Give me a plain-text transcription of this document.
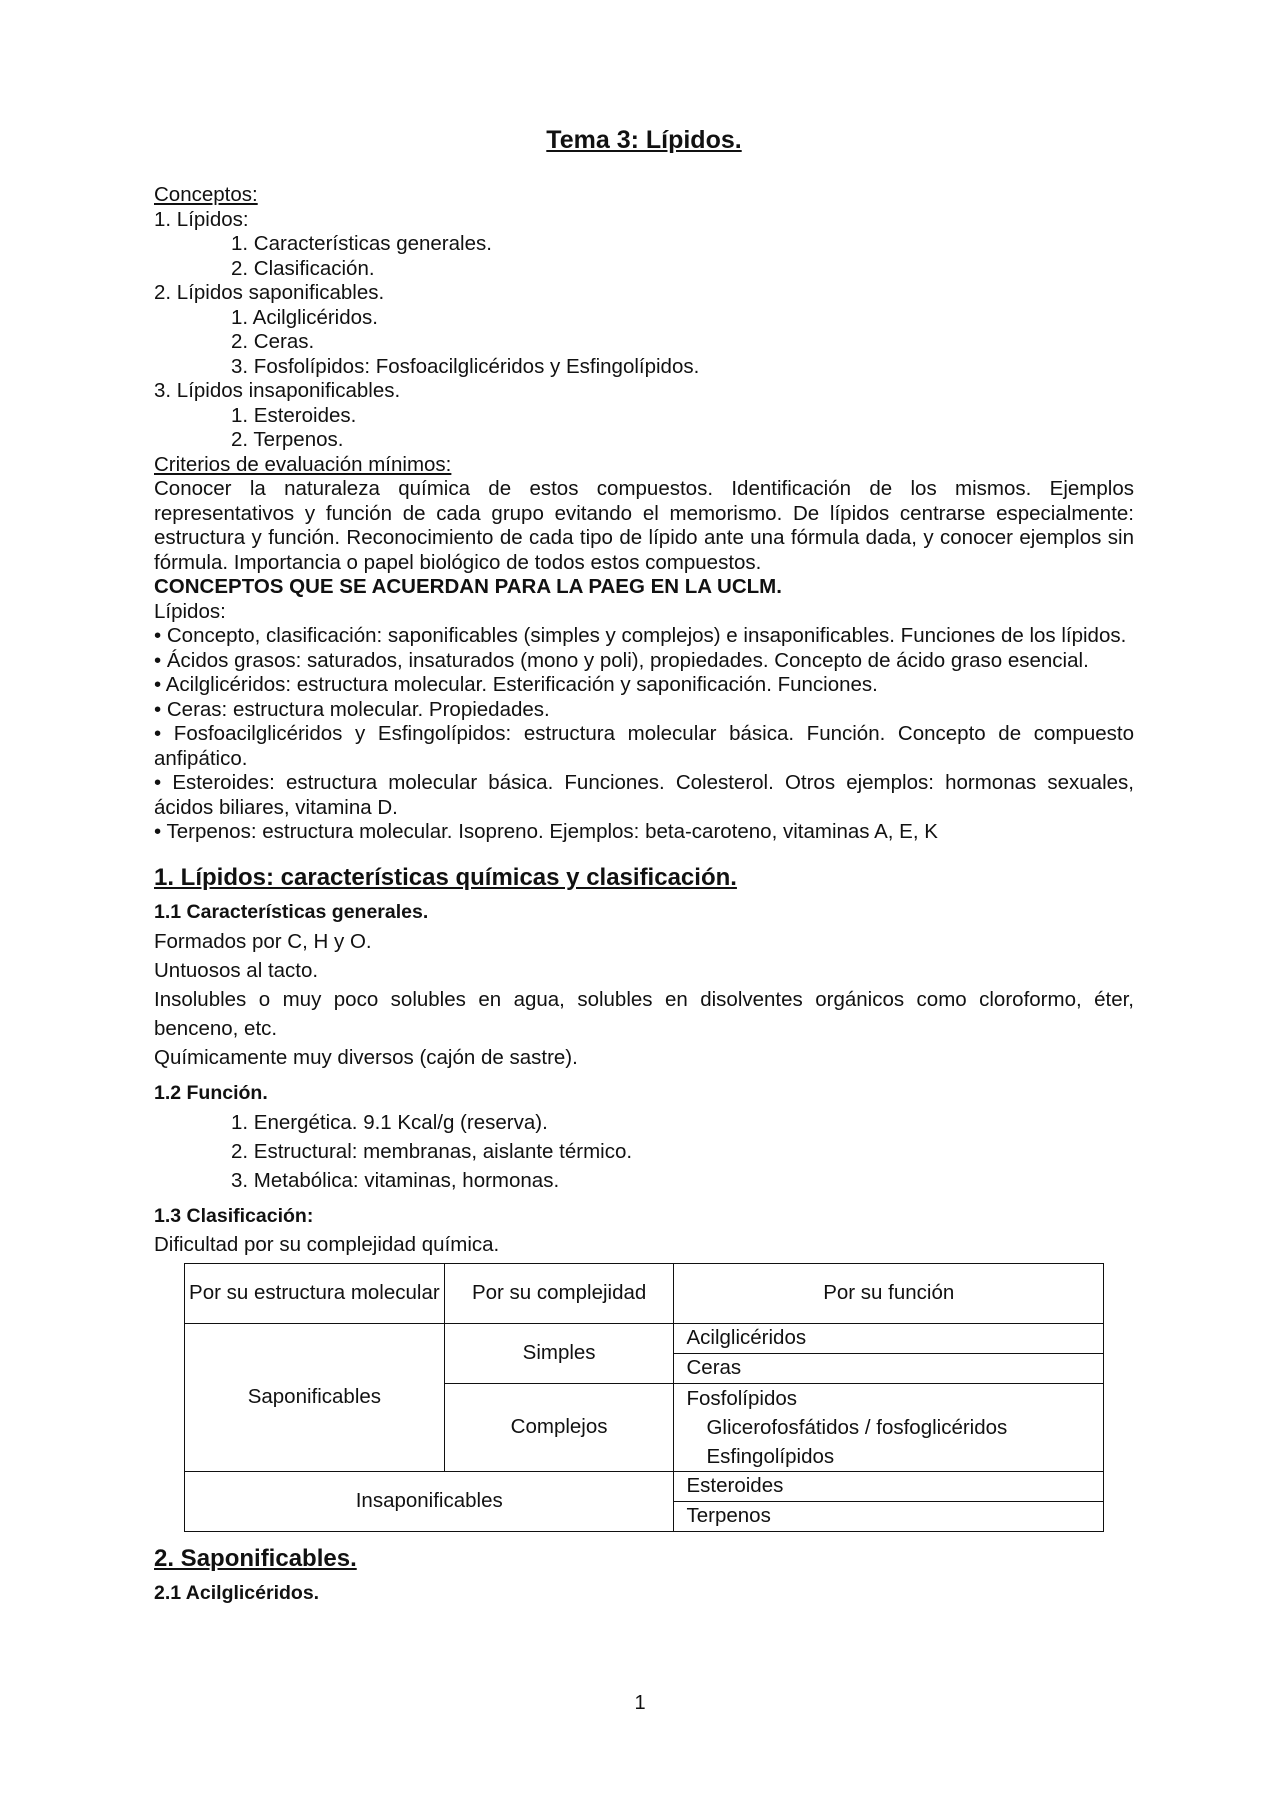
Tema 3: Lípidos.

Conceptos:

1. Lípidos:

1. Características generales.

2. Clasificación.

2. Lípidos saponificables.

1. Acilglicéridos.

2. Ceras.

3. Fosfolípidos: Fosfoacilglicéridos y Esfingolípidos.

3. Lípidos insaponificables.

1. Esteroides.

2. Terpenos.

Criterios de evaluación mínimos:

Conocer la naturaleza química de estos compuestos. Identificación de los mismos. Ejemplos representativos y función de cada grupo evitando el memorismo. De lípidos centrarse especialmente: estructura y función. Reconocimiento de cada tipo de lípido ante una fórmula dada, y conocer ejemplos sin fórmula. Importancia o papel biológico de todos estos compuestos.

CONCEPTOS QUE SE ACUERDAN PARA LA PAEG EN LA UCLM.

Lípidos:

• Concepto, clasificación: saponificables (simples y complejos) e insaponificables. Funciones de los lípidos.

• Ácidos grasos: saturados, insaturados (mono y poli), propiedades. Concepto de ácido graso esencial.

• Acilglicéridos: estructura molecular. Esterificación y saponificación. Funciones.

• Ceras: estructura molecular. Propiedades.

• Fosfoacilglicéridos y Esfingolípidos: estructura molecular básica. Función. Concepto de compuesto anfipático.

• Esteroides: estructura molecular básica. Funciones. Colesterol. Otros ejemplos: hormonas sexuales, ácidos biliares, vitamina D.

• Terpenos: estructura molecular. Isopreno. Ejemplos: beta-caroteno, vitaminas A, E, K

1. Lípidos: características químicas y clasificación.
1.1 Características generales.

Formados por C, H y O.

Untuosos al tacto.

Insolubles o muy poco solubles en agua, solubles en disolventes orgánicos como cloroformo, éter, benceno, etc.

Químicamente muy diversos (cajón de sastre).

1.2 Función.

1. Energética. 9.1 Kcal/g (reserva).

2. Estructural: membranas, aislante térmico.

3. Metabólica: vitaminas, hormonas.

1.3 Clasificación:

Dificultad por su complejidad química.

Por su estructura molecular	Por su complejidad	Por su función
Saponificables	Simples	Acilglicéridos
		Ceras
	Complejos	Fosfolípidos
Glicerofosfátidos / fosfoglicéridos
Esfingolípidos

Insaponificables		Esteroides
		Terpenos
2. Saponificables.
2.1 Acilglicéridos.
1
